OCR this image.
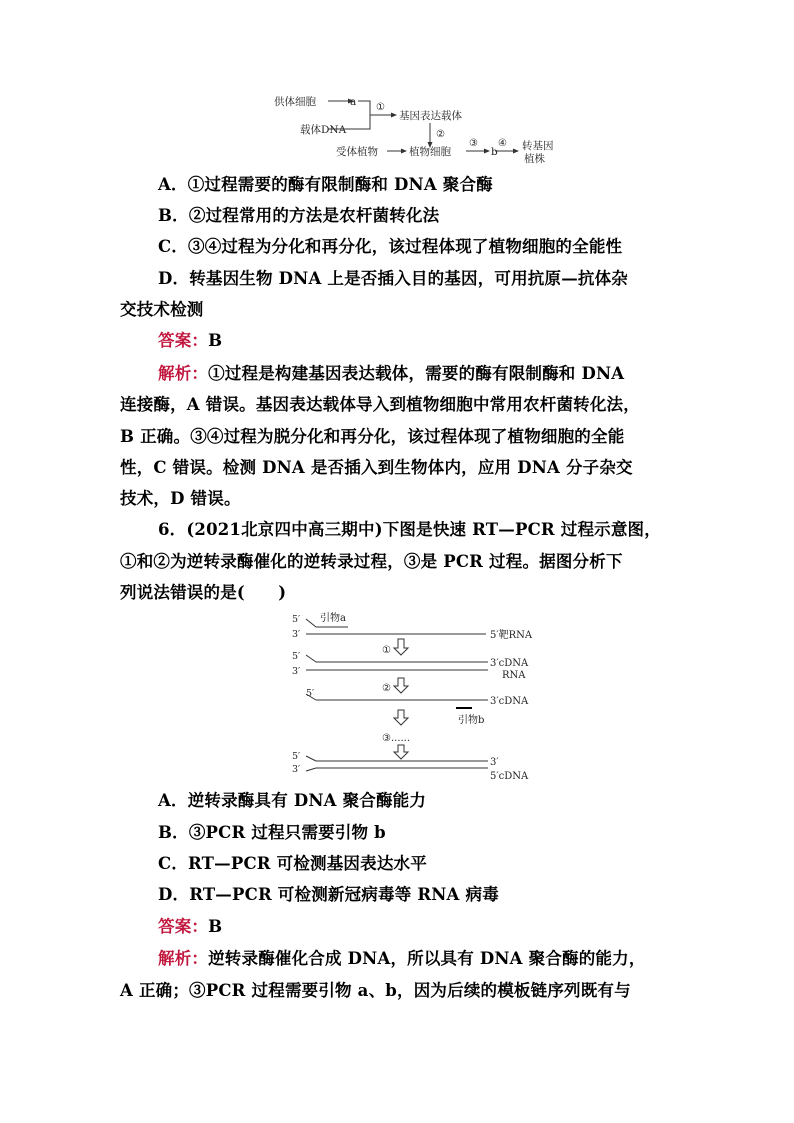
供体细胞	a
载体DNA
①
基因表达载体
②
受体植物	植物细胞
③
b
④ 转基因
植株
A．①过程需要的酶有限制酶和 DNA 聚合酶
B．②过程常用的方法是农杆菌转化法
C．③④过程为分化和再分化，该过程体现了植物细胞的全能性
D．转基因生物 DNA 上是否插入目的基因，可用抗原—抗体杂
交技术检测
答案：B
解析：①过程是构建基因表达载体，需要的酶有限制酶和 DNA
连接酶，A 错误。基因表达载体导入到植物细胞中常用农杆菌转化法，
B 正确。③④过程为脱分化和再分化，该过程体现了植物细胞的全能
性，C 错误。检测 DNA 是否插入到生物体内，应用 DNA 分子杂交
技术，D 错误。
6．(2021北京四中高三期中)下图是快速 RT—PCR 过程示意图，
①和②为逆转录酶催化的逆转录过程，③是 PCR 过程。据图分析下
列说法错误的是(　　)
5′
3′
引物a
5′靶RNA
①
5′
3′
3′cDNA
RNA
②
5′
3′cDNA
引物b
③......
5′
3′
3′
5′cDNA
A．逆转录酶具有 DNA 聚合酶能力
B．③PCR 过程只需要引物 b
C．RT—PCR 可检测基因表达水平
D．RT—PCR 可检测新冠病毒等 RNA 病毒
答案：B
解析：逆转录酶催化合成 DNA，所以具有 DNA 聚合酶的能力，
A 正确；③PCR 过程需要引物 a、b，因为后续的模板链序列既有与
